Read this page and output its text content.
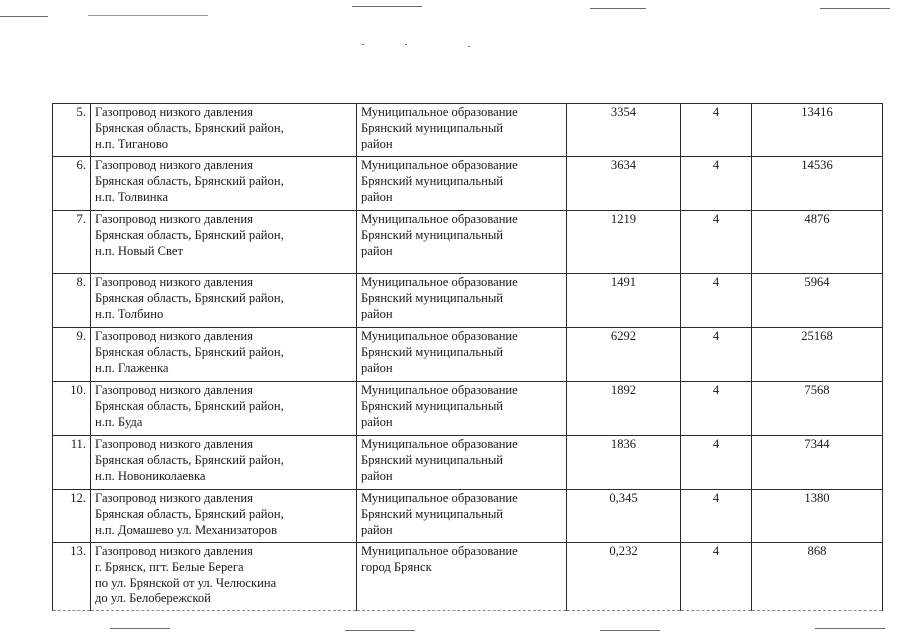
5.	Газопровод низкого давления
Брянская область, Брянский район,
н.п. Тиганово	Муниципальное образование
Брянский муниципальный
район	3354	4	13416
6.	Газопровод низкого давления
Брянская область, Брянский район,
н.п. Толвинка	Муниципальное образование
Брянский муниципальный
район	3634	4	14536
7.	Газопровод низкого давления
Брянская область, Брянский район,
н.п. Новый Свет	Муниципальное образование
Брянский муниципальный
район	1219	4	4876
8.	Газопровод низкого давления
Брянская область, Брянский район,
н.п. Толбино	Муниципальное образование
Брянский муниципальный
район	1491	4	5964
9.	Газопровод низкого давления
Брянская область, Брянский район,
н.п. Глаженка	Муниципальное образование
Брянский муниципальный
район	6292	4	25168
10.	Газопровод низкого давления
Брянская область, Брянский район,
н.п. Буда	Муниципальное образование
Брянский муниципальный
район	1892	4	7568
11.	Газопровод низкого давления
Брянская область, Брянский район,
н.п. Новониколаевка	Муниципальное образование
Брянский муниципальный
район	1836	4	7344
12.	Газопровод низкого давления
Брянская область, Брянский район,
н.п. Домашево ул. Механизаторов	Муниципальное образование
Брянский муниципальный
район	0,345	4	1380
13.	Газопровод низкого давления
г. Брянск, пгт. Белые Берега
по ул. Брянской от ул. Челюскина
до ул. Белобережской	Муниципальное образование
город Брянск	0,232	4	868
